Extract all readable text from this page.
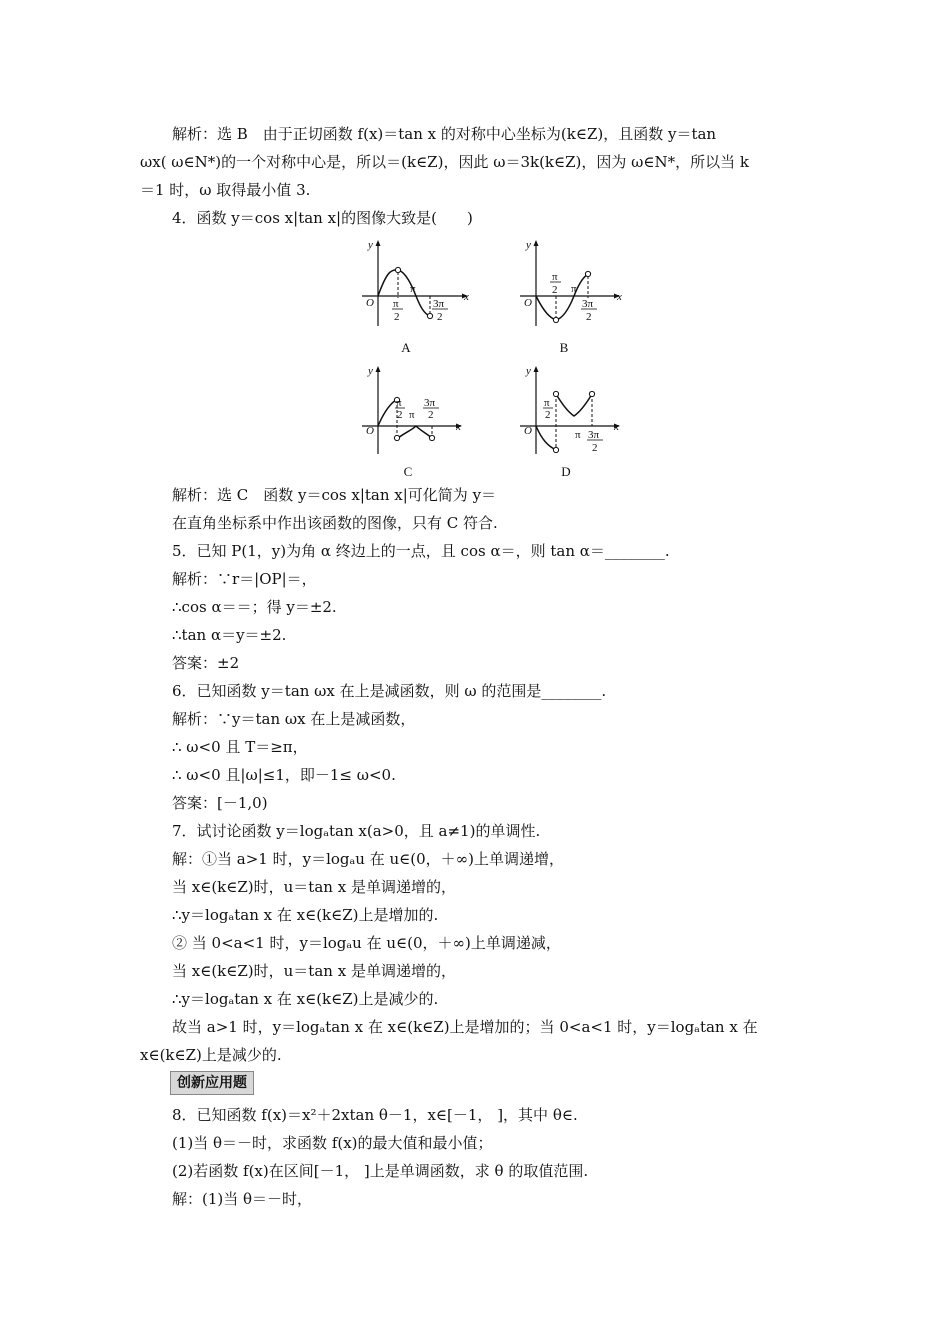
解析：选 B　由于正切函数 f(x)＝tan x 的对称中心坐标为(k∈Z)，且函数 y＝tan

ωx( ω∈N*)的一个对称中心是，所以＝(k∈Z)，因此 ω＝3k(k∈Z)，因为 ω∈N*，所以当 k

＝1 时，ω 取得最小值 3.

4．函数 y＝cos x|tan x|的图像大致是(　　)

x
y
O π
2
π
3π
2
A
x
y
O
π
2 π
3π
2
B
x
y
O
π
2 π
3π
2
C
x
y
O
π
2
π 3π
2
D

解析：选 C　函数 y＝cos x|tan x|可化简为 y＝

在直角坐标系中作出该函数的图像，只有 C 符合.

5．已知 P(1，y)为角 α 终边上的一点，且 cos α＝，则 tan α＝________.

解析：∵r＝|OP|＝，

∴cos α＝＝；得 y＝±2.

∴tan α＝y＝±2.

答案：±2

6．已知函数 y＝tan ωx 在上是减函数，则 ω 的范围是________.

解析：∵y＝tan ωx 在上是减函数，

∴ ω<0 且 T＝≥π，

∴ ω<0 且|ω|≤1，即－1≤ ω<0.

答案：[－1,0)

7．试讨论函数 y＝logₐtan x(a>0，且 a≠1)的单调性.

解：①当 a>1 时，y＝logₐu 在 u∈(0，＋∞)上单调递增，

当 x∈(k∈Z)时，u＝tan x 是单调递增的，

∴y＝logₐtan x 在 x∈(k∈Z)上是增加的.

② 当 0<a<1 时，y＝logₐu 在 u∈(0，＋∞)上单调递减，

当 x∈(k∈Z)时，u＝tan x 是单调递增的，

∴y＝logₐtan x 在 x∈(k∈Z)上是减少的.

故当 a>1 时，y＝logₐtan x 在 x∈(k∈Z)上是增加的；当 0<a<1 时，y＝logₐtan x 在

x∈(k∈Z)上是减少的.

创新应用题

8．已知函数 f(x)＝x²＋2xtan θ－1，x∈[－1， ]，其中 θ∈.

(1)当 θ＝－时，求函数 f(x)的最大值和最小值；

(2)若函数 f(x)在区间[－1， ]上是单调函数，求 θ 的取值范围.

解：(1)当 θ＝－时，
